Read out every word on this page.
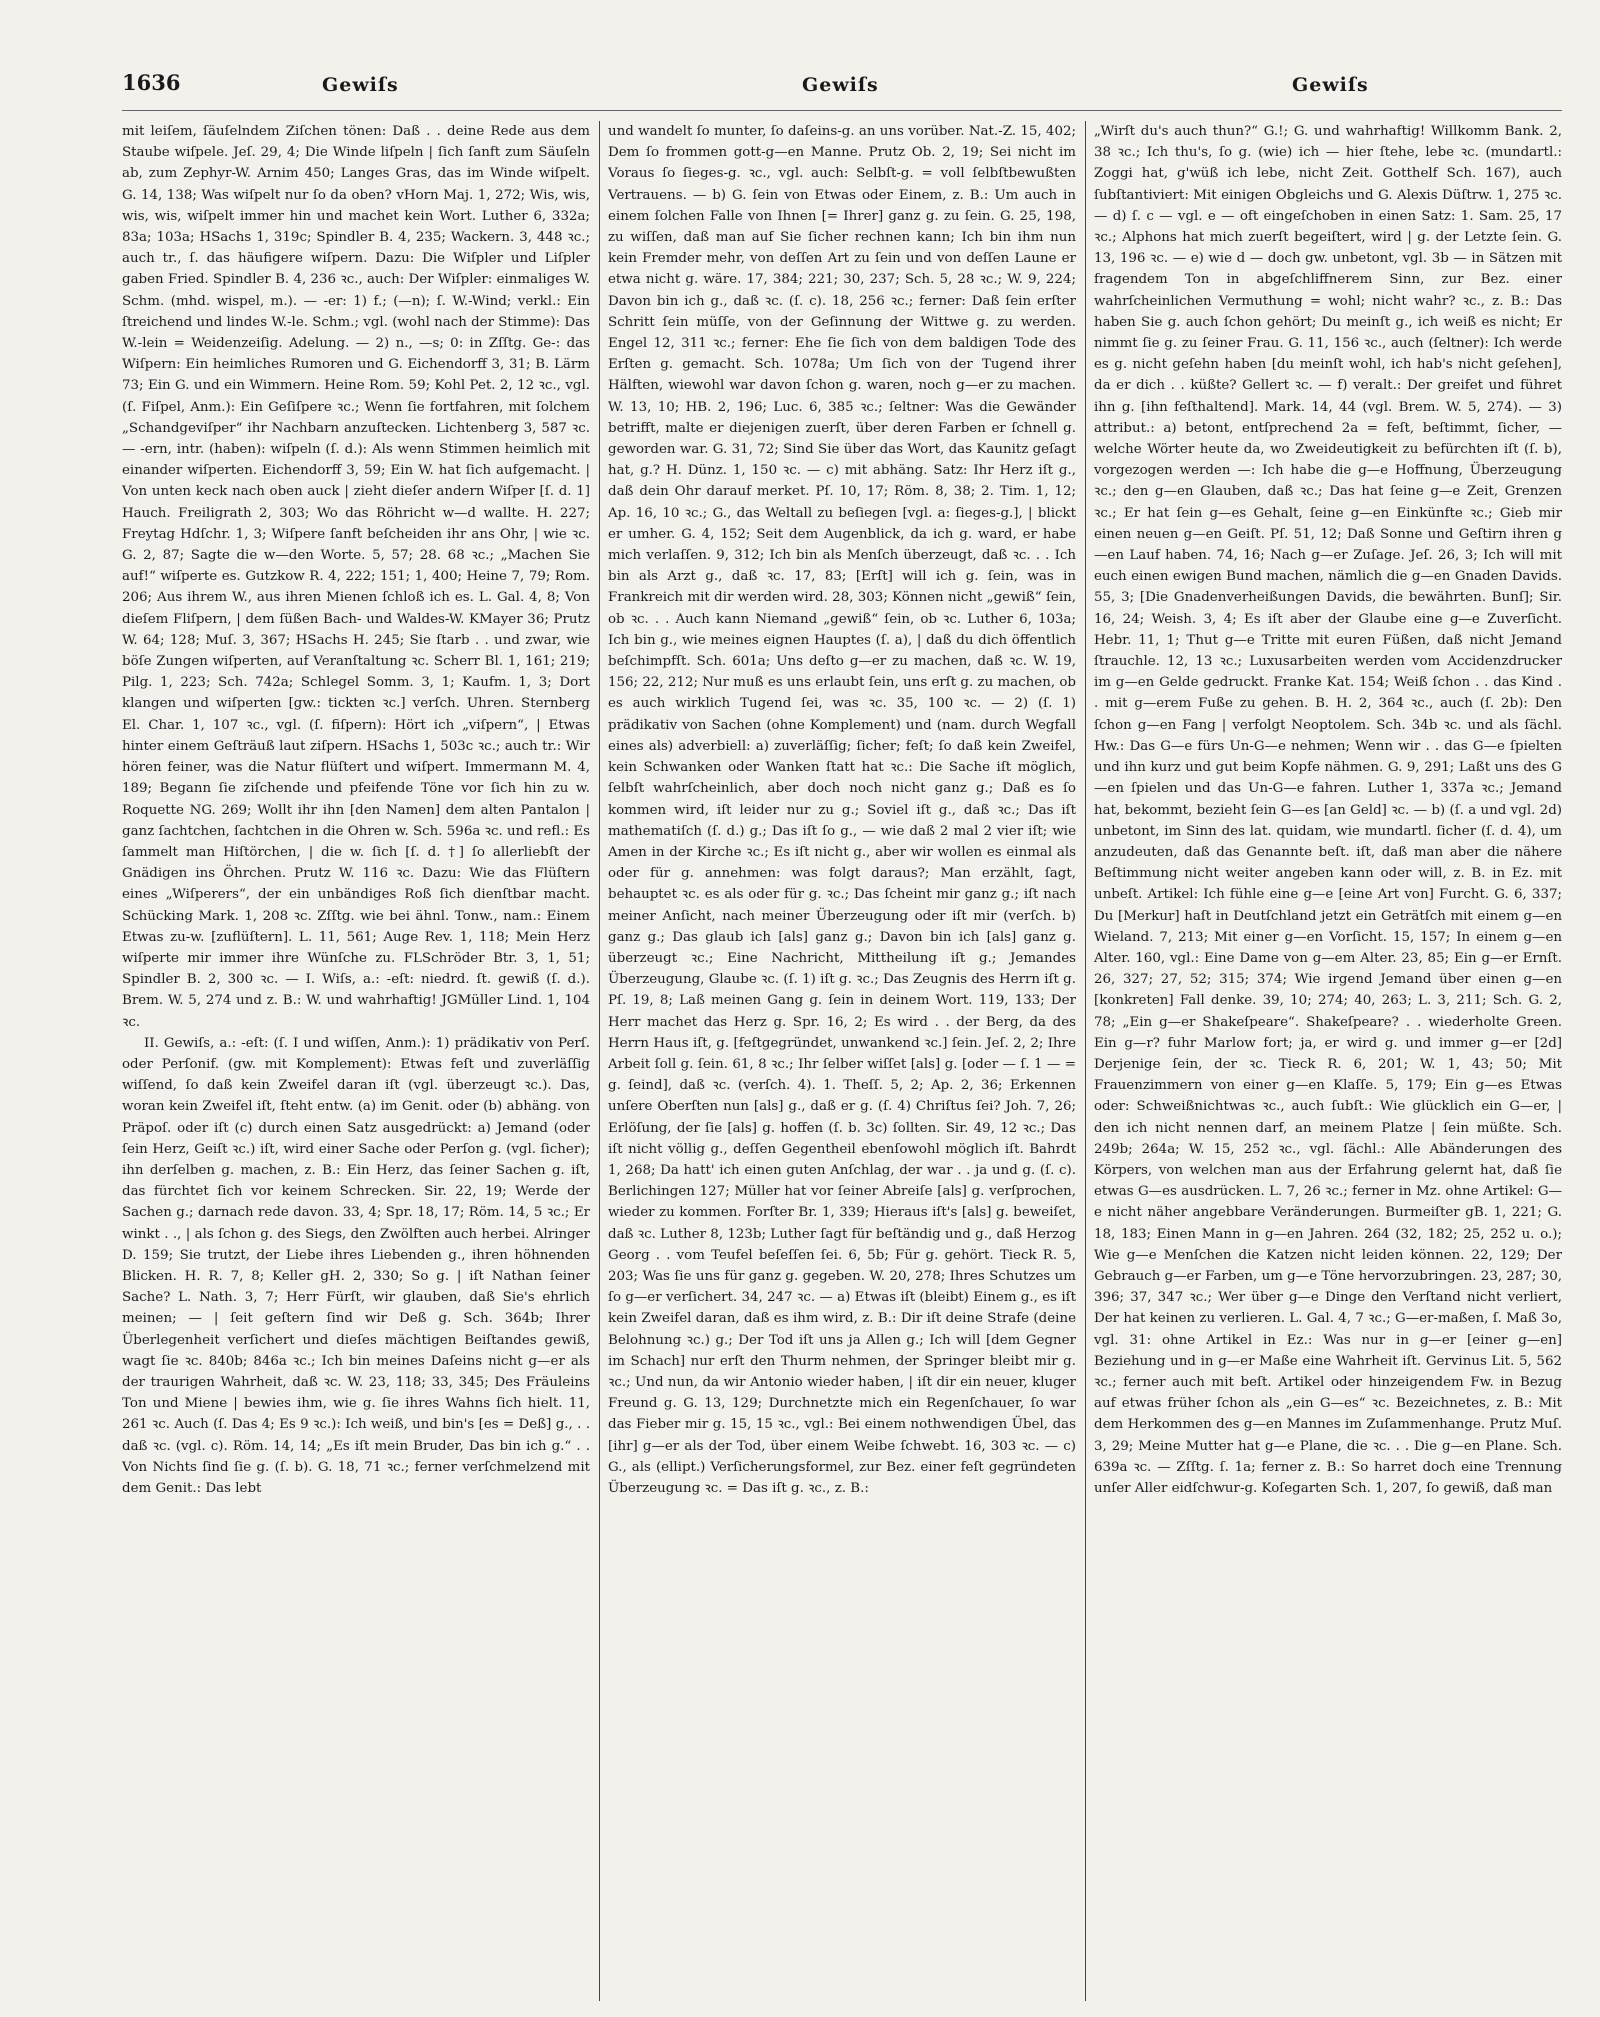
1636	Gewiſs	Gewiſs	Gewiſs

mit leiſem, ſäuſelndem Ziſchen tönen: Daß . . deine Rede aus dem Staube wiſpele. Jeſ. 29, 4; Die Winde liſpeln | ſich ſanft zum Säuſeln ab, zum Zephyr-W. Arnim 450; Langes Gras, das im Winde wiſpelt. G. 14, 138; Was wiſpelt nur ſo da oben? vHorn Maj. 1, 272; Wis, wis, wis, wis, wiſpelt immer hin und machet kein Wort. Luther 6, 332a; 83a; 103a; HSachs 1, 319c; Spindler B. 4, 235; Wackern. 3, 448 ꝛc.; auch tr., ſ. das häufigere wiſpern. Dazu: Die Wiſpler und Liſpler gaben Fried. Spindler B. 4, 236 ꝛc., auch: Der Wiſpler: einmaliges W. Schm. (mhd. wispel, m.). — -er: 1) f.; (—n); ſ. W.-Wind; verkl.: Ein ſtreichend und lindes W.-le. Schm.; vgl. (wohl nach der Stimme): Das W.-lein = Weidenzeiſig. Adelung. — 2) n., —s; 0: in Zſſtg. Ge-: das Wiſpern: Ein heimliches Rumoren und G. Eichendorff 3, 31; B. Lärm 73; Ein G. und ein Wimmern. Heine Rom. 59; Kohl Pet. 2, 12 ꝛc., vgl. (ſ. Fiſpel, Anm.): Ein Geſiſpere ꝛc.; Wenn ſie fortfahren, mit ſolchem „Schandgeviſper“ ihr Nachbarn anzuſtecken. Lichtenberg 3, 587 ꝛc. — -ern, intr. (haben): wiſpeln (ſ. d.): Als wenn Stimmen heimlich mit einander wiſperten. Eichendorff 3, 59; Ein W. hat ſich aufgemacht. | Von unten keck nach oben auck | zieht dieſer andern Wiſper [ſ. d. 1] Hauch. Freiligrath 2, 303; Wo das Röhricht w—d wallte. H. 227; Freytag Hdſchr. 1, 3; Wiſpere ſanft beſcheiden ihr ans Ohr, | wie ꝛc. G. 2, 87; Sagte die w—den Worte. 5, 57; 28. 68 ꝛc.; „Machen Sie auf!“ wiſperte es. Gutzkow R. 4, 222; 151; 1, 400; Heine 7, 79; Rom. 206; Aus ihrem W., aus ihren Mienen ſchloß ich es. L. Gal. 4, 8; Von dieſem Fliſpern, | dem ſüßen Bach- und Waldes-W. KMayer 36; Prutz W. 64; 128; Muſ. 3, 367; HSachs H. 245; Sie ſtarb . . und zwar, wie böſe Zungen wiſperten, auf Veranſtaltung ꝛc. Scherr Bl. 1, 161; 219; Pilg. 1, 223; Sch. 742a; Schlegel Somm. 3, 1; Kaufm. 1, 3; Dort klangen und wiſperten [gw.: tickten ꝛc.] verſch. Uhren. Sternberg El. Char. 1, 107 ꝛc., vgl. (ſ. fiſpern): Hört ich „viſpern“, | Etwas hinter einem Geſträuß laut ziſpern. HSachs 1, 503c ꝛc.; auch tr.: Wir hören feiner, was die Natur flüſtert und wiſpert. Immermann M. 4, 189; Begann ſie ziſchende und pfeifende Töne vor ſich hin zu w. Roquette NG. 269; Wollt ihr ihn [den Namen] dem alten Pantalon | ganz ſachtchen, ſachtchen in die Ohren w. Sch. 596a ꝛc. und refl.: Es ſammelt man Hiſtörchen, | die w. ſich [ſ. d. †] ſo allerliebſt der Gnädigen ins Öhrchen. Prutz W. 116 ꝛc. Dazu: Wie das Flüſtern eines „Wiſperers“, der ein unbändiges Roß ſich dienſtbar macht. Schücking Mark. 1, 208 ꝛc. Zſſtg. wie bei ähnl. Tonw., nam.: Einem Etwas zu-w. [zuflüſtern]. L. 11, 561; Auge Rev. 1, 118; Mein Herz wiſperte mir immer ihre Wünſche zu. FLSchröder Btr. 3, 1, 51; Spindler B. 2, 300 ꝛc. — I. Wiſs, a.: -eſt: niedrd. ſt. gewiß (ſ. d.). Brem. W. 5, 274 und z. B.: W. und wahrhaftig! JGMüller Lind. 1, 104 ꝛc.

II. Gewiſs, a.: -eſt: (ſ. I und wiſſen, Anm.): 1) prädikativ von Perſ. oder Perſonif. (gw. mit Komplement): Etwas feſt und zuverläſſig wiſſend, ſo daß kein Zweifel daran iſt (vgl. überzeugt ꝛc.). Das, woran kein Zweifel iſt, ſteht entw. (a) im Genit. oder (b) abhäng. von Präpoſ. oder iſt (c) durch einen Satz ausgedrückt: a) Jemand (oder ſein Herz, Geiſt ꝛc.) iſt, wird einer Sache oder Perſon g. (vgl. ſicher); ihn derſelben g. machen, z. B.: Ein Herz, das ſeiner Sachen g. iſt, das fürchtet ſich vor keinem Schrecken. Sir. 22, 19; Werde der Sachen g.; darnach rede davon. 33, 4; Spr. 18, 17; Röm. 14, 5 ꝛc.; Er winkt . ., | als ſchon g. des Siegs, den Zwölften auch herbei. Alringer D. 159; Sie trutzt, der Liebe ihres Liebenden g., ihren höhnenden Blicken. H. R. 7, 8; Keller gH. 2, 330; So g. | iſt Nathan ſeiner Sache? L. Nath. 3, 7; Herr Fürſt, wir glauben, daß Sie's ehrlich meinen; — | ſeit geſtern ſind wir Deß g. Sch. 364b; Ihrer Überlegenheit verſichert und dieſes mächtigen Beiſtandes gewiß, wagt ſie ꝛc. 840b; 846a ꝛc.; Ich bin meines Daſeins nicht g—er als der traurigen Wahrheit, daß ꝛc. W. 23, 118; 33, 345; Des Fräuleins Ton und Miene | bewies ihm, wie g. ſie ihres Wahns ſich hielt. 11, 261 ꝛc. Auch (ſ. Das 4; Es 9 ꝛc.): Ich weiß, und bin's [es = Deß] g., . . daß ꝛc. (vgl. c). Röm. 14, 14; „Es iſt mein Bruder, Das bin ich g.“ . . Von Nichts ſind ſie g. (ſ. b). G. 18, 71 ꝛc.; ferner verſchmelzend mit dem Genit.: Das lebt

und wandelt ſo munter, ſo daſeins-g. an uns vorüber. Nat.-Z. 15, 402; Dem ſo frommen gott-g—en Manne. Prutz Ob. 2, 19; Sei nicht im Voraus ſo ſieges-g. ꝛc., vgl. auch: Selbſt-g. = voll ſelbſtbewußten Vertrauens. — b) G. ſein von Etwas oder Einem, z. B.: Um auch in einem ſolchen Falle von Ihnen [= Ihrer] ganz g. zu ſein. G. 25, 198, zu wiſſen, daß man auf Sie ſicher rechnen kann; Ich bin ihm nun kein Fremder mehr, von deſſen Art zu ſein und von deſſen Laune er etwa nicht g. wäre. 17, 384; 221; 30, 237; Sch. 5, 28 ꝛc.; W. 9, 224; Davon bin ich g., daß ꝛc. (ſ. c). 18, 256 ꝛc.; ferner: Daß ſein erſter Schritt ſein müſſe, von der Geſinnung der Wittwe g. zu werden. Engel 12, 311 ꝛc.; ferner: Ehe ſie ſich von dem baldigen Tode des Erſten g. gemacht. Sch. 1078a; Um ſich von der Tugend ihrer Hälften, wiewohl war davon ſchon g. waren, noch g—er zu machen. W. 13, 10; HB. 2, 196; Luc. 6, 385 ꝛc.; ſeltner: Was die Gewänder betrifft, malte er diejenigen zuerſt, über deren Farben er ſchnell g. geworden war. G. 31, 72; Sind Sie über das Wort, das Kaunitz geſagt hat, g.? H. Dünz. 1, 150 ꝛc. — c) mit abhäng. Satz: Ihr Herz iſt g., daß dein Ohr darauf merket. Pſ. 10, 17; Röm. 8, 38; 2. Tim. 1, 12; Ap. 16, 10 ꝛc.; G., das Weltall zu beſiegen [vgl. a: ſieges-g.], | blickt er umher. G. 4, 152; Seit dem Augenblick, da ich g. ward, er habe mich verlaſſen. 9, 312; Ich bin als Menſch überzeugt, daß ꝛc. . . Ich bin als Arzt g., daß ꝛc. 17, 83; [Erſt] will ich g. ſein, was in Frankreich mit dir werden wird. 28, 303; Können nicht „gewiß“ ſein, ob ꝛc. . . Auch kann Niemand „gewiß“ ſein, ob ꝛc. Luther 6, 103a; Ich bin g., wie meines eignen Hauptes (ſ. a), | daß du dich öffentlich beſchimpfſt. Sch. 601a; Uns deſto g—er zu machen, daß ꝛc. W. 19, 156; 22, 212; Nur muß es uns erlaubt ſein, uns erſt g. zu machen, ob es auch wirklich Tugend ſei, was ꝛc. 35, 100 ꝛc. — 2) (ſ. 1) prädikativ von Sachen (ohne Komplement) und (nam. durch Wegfall eines als) adverbiell: a) zuverläſſig; ſicher; feſt; ſo daß kein Zweifel, kein Schwanken oder Wanken ſtatt hat ꝛc.: Die Sache iſt möglich, ſelbſt wahrſcheinlich, aber doch noch nicht ganz g.; Daß es ſo kommen wird, iſt leider nur zu g.; Soviel iſt g., daß ꝛc.; Das iſt mathematiſch (ſ. d.) g.; Das iſt ſo g., — wie daß 2 mal 2 vier iſt; wie Amen in der Kirche ꝛc.; Es iſt nicht g., aber wir wollen es einmal als oder für g. annehmen: was folgt daraus?; Man erzählt, ſagt, behauptet ꝛc. es als oder für g. ꝛc.; Das ſcheint mir ganz g.; iſt nach meiner Anſicht, nach meiner Überzeugung oder iſt mir (verſch. b) ganz g.; Das glaub ich [als] ganz g.; Davon bin ich [als] ganz g. überzeugt ꝛc.; Eine Nachricht, Mittheilung iſt g.; Jemandes Überzeugung, Glaube ꝛc. (ſ. 1) iſt g. ꝛc.; Das Zeugnis des Herrn iſt g. Pſ. 19, 8; Laß meinen Gang g. ſein in deinem Wort. 119, 133; Der Herr machet das Herz g. Spr. 16, 2; Es wird . . der Berg, da des Herrn Haus iſt, g. [feſtgegründet, unwankend ꝛc.] ſein. Jeſ. 2, 2; Ihre Arbeit ſoll g. ſein. 61, 8 ꝛc.; Ihr ſelber wiſſet [als] g. [oder — ſ. 1 — = g. ſeind], daß ꝛc. (verſch. 4). 1. Theſſ. 5, 2; Ap. 2, 36; Erkennen unſere Oberſten nun [als] g., daß er g. (ſ. 4) Chriſtus ſei? Joh. 7, 26; Erlöſung, der ſie [als] g. hoffen (ſ. b. 3c) ſollten. Sir. 49, 12 ꝛc.; Das iſt nicht völlig g., deſſen Gegentheil ebenſowohl möglich iſt. Bahrdt 1, 268; Da hatt' ich einen guten Anſchlag, der war . . ja und g. (ſ. c). Berlichingen 127; Müller hat vor ſeiner Abreiſe [als] g. verſprochen, wieder zu kommen. Forſter Br. 1, 339; Hieraus iſt's [als] g. beweiſet, daß ꝛc. Luther 8, 123b; Luther ſagt für beſtändig und g., daß Herzog Georg . . vom Teufel beſeſſen ſei. 6, 5b; Für g. gehört. Tieck R. 5, 203; Was ſie uns für ganz g. gegeben. W. 20, 278; Ihres Schutzes um ſo g—er verſichert. 34, 247 ꝛc. — a) Etwas iſt (bleibt) Einem g., es iſt kein Zweifel daran, daß es ihm wird, z. B.: Dir iſt deine Strafe (deine Belohnung ꝛc.) g.; Der Tod iſt uns ja Allen g.; Ich will [dem Gegner im Schach] nur erſt den Thurm nehmen, der Springer bleibt mir g. ꝛc.; Und nun, da wir Antonio wieder haben, | iſt dir ein neuer, kluger Freund g. G. 13, 129; Durchnetzte mich ein Regenſchauer, ſo war das Fieber mir g. 15, 15 ꝛc., vgl.: Bei einem nothwendigen Übel, das [ihr] g—er als der Tod, über einem Weibe ſchwebt. 16, 303 ꝛc. — c) G., als (ellipt.) Verſicherungsformel, zur Bez. einer feſt gegründeten Überzeugung ꝛc. = Das iſt g. ꝛc., z. B.:

„Wirſt du's auch thun?“ G.!; G. und wahrhaftig! Willkomm Bank. 2, 38 ꝛc.; Ich thu's, ſo g. (wie) ich — hier ſtehe, lebe ꝛc. (mundartl.: Zoggi hat, g'wüß ich lebe, nicht Zeit. Gotthelf Sch. 167), auch ſubſtantiviert: Mit einigen Obgleichs und G. Alexis Düſtrw. 1, 275 ꝛc. — d) ſ. c — vgl. e — oft eingeſchoben in einen Satz: 1. Sam. 25, 17 ꝛc.; Alphons hat mich zuerſt begeiſtert, wird | g. der Letzte ſein. G. 13, 196 ꝛc. — e) wie d — doch gw. unbetont, vgl. 3b — in Sätzen mit fragendem Ton in abgeſchliffnerem Sinn, zur Bez. einer wahrſcheinlichen Vermuthung = wohl; nicht wahr? ꝛc., z. B.: Das haben Sie g. auch ſchon gehört; Du meinſt g., ich weiß es nicht; Er nimmt ſie g. zu ſeiner Frau. G. 11, 156 ꝛc., auch (ſeltner): Ich werde es g. nicht geſehn haben [du meinſt wohl, ich hab's nicht geſehen], da er dich . . küßte? Gellert ꝛc. — f) veralt.: Der greifet und führet ihn g. [ihn feſthaltend]. Mark. 14, 44 (vgl. Brem. W. 5, 274). — 3) attribut.: a) betont, entſprechend 2a = feſt, beſtimmt, ſicher, — welche Wörter heute da, wo Zweideutigkeit zu befürchten iſt (ſ. b), vorgezogen werden —: Ich habe die g—e Hoffnung, Überzeugung ꝛc.; den g—en Glauben, daß ꝛc.; Das hat ſeine g—e Zeit, Grenzen ꝛc.; Er hat ſein g—es Gehalt, ſeine g—en Einkünfte ꝛc.; Gieb mir einen neuen g—en Geiſt. Pſ. 51, 12; Daß Sonne und Geſtirn ihren g—en Lauf haben. 74, 16; Nach g—er Zuſage. Jeſ. 26, 3; Ich will mit euch einen ewigen Bund machen, nämlich die g—en Gnaden Davids. 55, 3; [Die Gnadenverheißungen Davids, die bewährten. Bunſ]; Sir. 16, 24; Weish. 3, 4; Es iſt aber der Glaube eine g—e Zuverſicht. Hebr. 11, 1; Thut g—e Tritte mit euren Füßen, daß nicht Jemand ſtrauchle. 12, 13 ꝛc.; Luxusarbeiten werden vom Accidenzdrucker im g—en Gelde gedruckt. Franke Kat. 154; Weiß ſchon . . das Kind . . mit g—erem Fuße zu gehen. B. H. 2, 364 ꝛc., auch (ſ. 2b): Den ſchon g—en Fang | verfolgt Neoptolem. Sch. 34b ꝛc. und als ſächl. Hw.: Das G—e fürs Un-G—e nehmen; Wenn wir . . das G—e ſpielten und ihn kurz und gut beim Kopfe nähmen. G. 9, 291; Laßt uns des G—en ſpielen und das Un-G—e fahren. Luther 1, 337a ꝛc.; Jemand hat, bekommt, bezieht ſein G—es [an Geld] ꝛc. — b) (ſ. a und vgl. 2d) unbetont, im Sinn des lat. quidam, wie mundartl. ſicher (ſ. d. 4), um anzudeuten, daß das Genannte beſt. iſt, daß man aber die nähere Beſtimmung nicht weiter angeben kann oder will, z. B. in Ez. mit unbeſt. Artikel: Ich fühle eine g—e [eine Art von] Furcht. G. 6, 337; Du [Merkur] haſt in Deutſchland jetzt ein Geträtſch mit einem g—en Wieland. 7, 213; Mit einer g—en Vorſicht. 15, 157; In einem g—en Alter. 160, vgl.: Eine Dame von g—em Alter. 23, 85; Ein g—er Ernſt. 26, 327; 27, 52; 315; 374; Wie irgend Jemand über einen g—en [konkreten] Fall denke. 39, 10; 274; 40, 263; L. 3, 211; Sch. G. 2, 78; „Ein g—er Shakeſpeare“. Shakeſpeare? . . wiederholte Green. Ein g—r? fuhr Marlow fort; ja, er wird g. und immer g—er [2d] Derjenige ſein, der ꝛc. Tieck R. 6, 201; W. 1, 43; 50; Mit Frauenzimmern von einer g—en Klaſſe. 5, 179; Ein g—es Etwas oder: Schweißnichtwas ꝛc., auch ſubſt.: Wie glücklich ein G—er, | den ich nicht nennen darf, an meinem Platze | ſein müßte. Sch. 249b; 264a; W. 15, 252 ꝛc., vgl. ſächl.: Alle Abänderungen des Körpers, von welchen man aus der Erfahrung gelernt hat, daß ſie etwas G—es ausdrücken. L. 7, 26 ꝛc.; ferner in Mz. ohne Artikel: G—e nicht näher angebbare Veränderungen. Burmeiſter gB. 1, 221; G. 18, 183; Einen Mann in g—en Jahren. 264 (32, 182; 25, 252 u. o.); Wie g—e Menſchen die Katzen nicht leiden können. 22, 129; Der Gebrauch g—er Farben, um g—e Töne hervorzubringen. 23, 287; 30, 396; 37, 347 ꝛc.; Wer über g—e Dinge den Verſtand nicht verliert, Der hat keinen zu verlieren. L. Gal. 4, 7 ꝛc.; G—er-maßen, ſ. Maß 3o, vgl. 31: ohne Artikel in Ez.: Was nur in g—er [einer g—en] Beziehung und in g—er Maße eine Wahrheit iſt. Gervinus Lit. 5, 562 ꝛc.; ferner auch mit beſt. Artikel oder hinzeigendem Fw. in Bezug auf etwas früher ſchon als „ein G—es“ ꝛc. Bezeichnetes, z. B.: Mit dem Herkommen des g—en Mannes im Zuſammenhange. Prutz Muſ. 3, 29; Meine Mutter hat g—e Plane, die ꝛc. . . Die g—en Plane. Sch. 639a ꝛc. — Zſſtg. ſ. 1a; ferner z. B.: So harret doch eine Trennung unſer Aller eidſchwur-g. Koſegarten Sch. 1, 207, ſo gewiß, daß man
